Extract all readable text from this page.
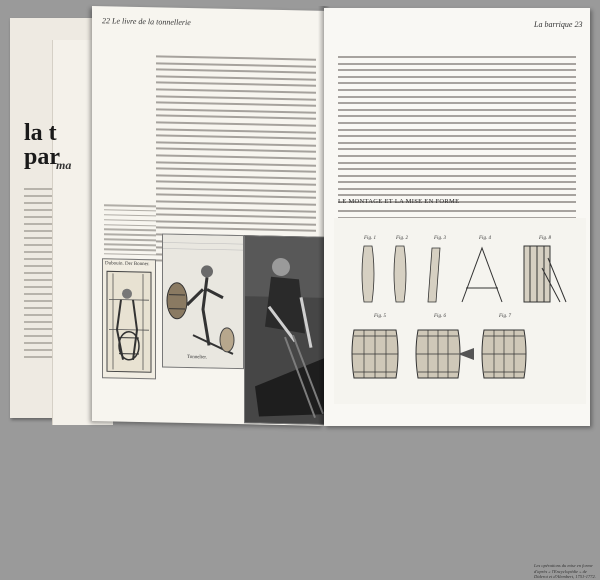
la t
par
ma
22 Le livre de la tonnellerie
Dubouin. Der Bonner.
Tonnelier.
La barrique 23
LE MONTAGE ET LA MISE EN FORME
Fig. 1	Fig. 2	Fig. 3	Fig. 4
Fig. 5	Fig. 6	Fig. 7
Fig. 8
Les opérations du mise en forme d'après « l'Encyclopédie » de Diderot et d'Alembert, 1751-1772.
